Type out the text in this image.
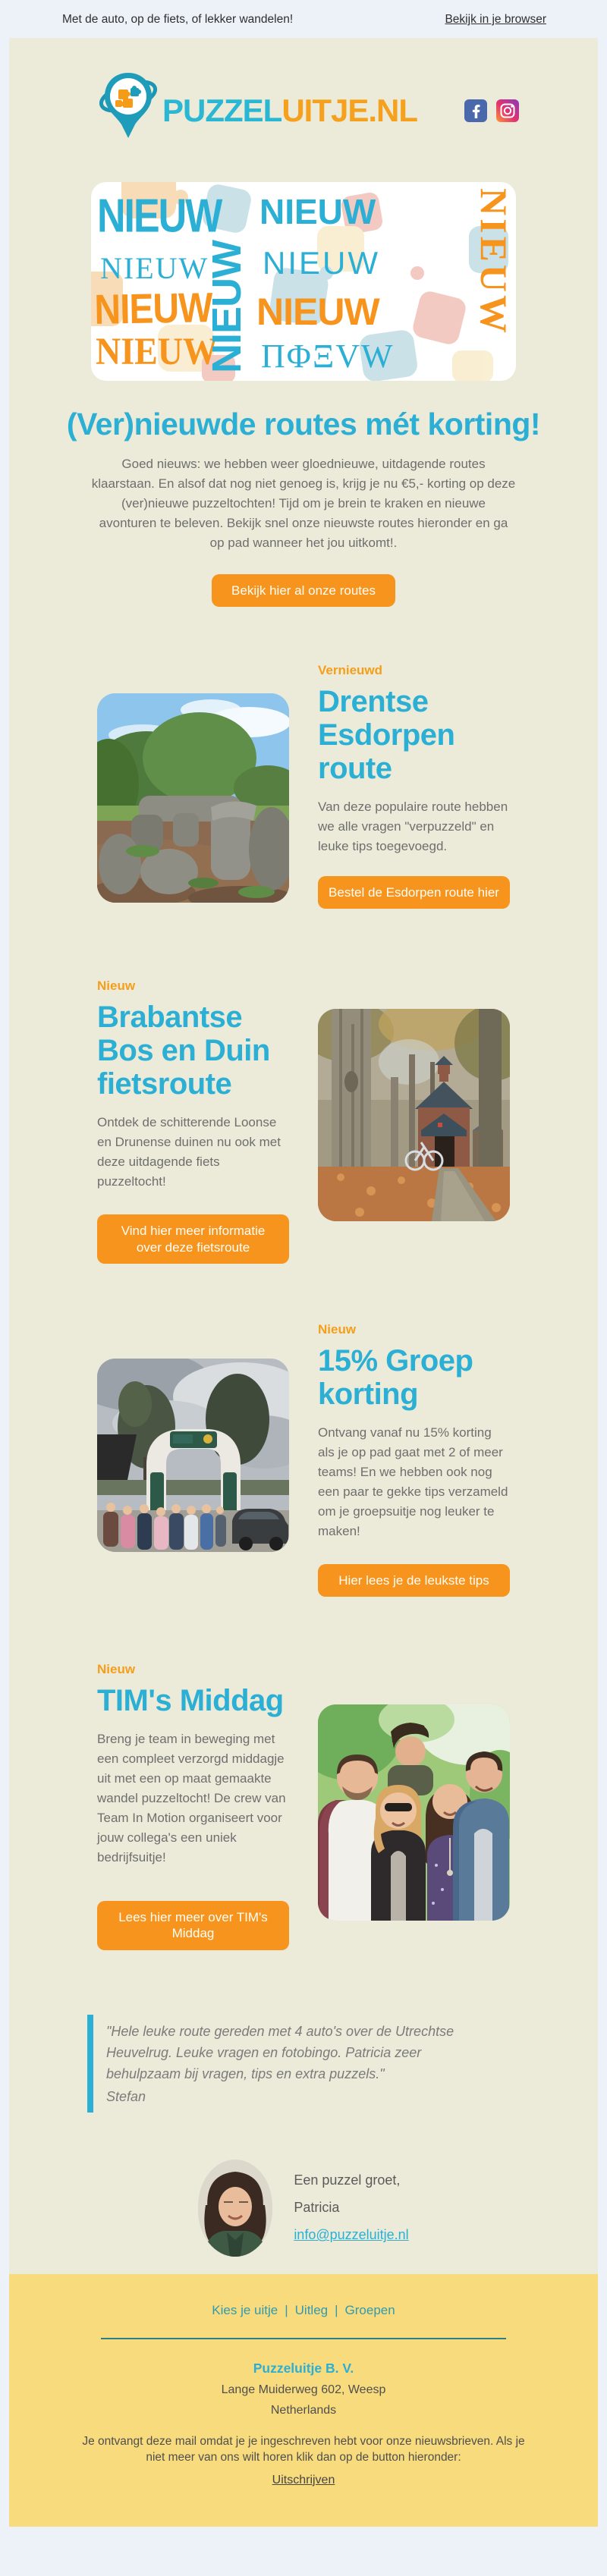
Met de auto, op de fiets, of lekker wandelen!	Bekijk in je browser
PUZZELUITJE.NL
NIEUW
NIEUW
NIEUW
NIEUW
NIEUW
NIEUW
NIEUW
NIEUW
ΠΦΞVW
NIEUW
(Ver)nieuwde routes mét korting!

Goed nieuws: we hebben weer gloednieuwe, uitdagende routes klaarstaan. En alsof dat nog niet genoeg is, krijg je nu €5,- korting op deze (ver)nieuwe puzzeltochten! Tijd om je brein te kraken en nieuwe avonturen te beleven. Bekijk snel onze nieuwste routes hieronder en ga op pad wanneer het jou uitkomt!.

Bekijk hier al onze routes
Vernieuwd
Drentse Esdorpen route

Van deze populaire route hebben we alle vragen "verpuzzeld" en leuke tips toegevoegd.

Bestel de Esdorpen route hier
Nieuw
Brabantse Bos en Duin fietsroute

Ontdek de schitterende Loonse en Drunense duinen nu ook met deze uitdagende fiets puzzeltocht!

Vind hier meer informatie over deze fietsroute
Nieuw
15% Groep korting

Ontvang vanaf nu 15% korting als je op pad gaat met 2 of meer teams! En we hebben ook nog een paar te gekke tips verzameld om je groepsuitje nog leuker te maken!

Hier lees je de leukste tips
Nieuw
TIM's Middag

Breng je team in beweging met een compleet verzorgd middagje uit met een op maat gemaakte wandel puzzeltocht! De crew van Team In Motion organiseert voor jouw collega's een uniek bedrijfsuitje!

Lees hier meer over TIM's Middag

"Hele leuke route gereden met 4 auto's over de Utrechtse Heuvelrug. Leuke vragen en fotobingo. Patricia zeer behulpzaam bij vragen, tips en extra puzzels."

Stefan
Een puzzel groet,
Patricia
info@puzzeluitje.nl
Kies je uitje | Uitleg | Groepen
Puzzeluitje B. V.
Lange Muiderweg 602, Weesp
Netherlands

Je ontvangt deze mail omdat je je ingeschreven hebt voor onze nieuwsbrieven. Als je niet meer van ons wilt horen klik dan op de button hieronder:

Uitschrijven
